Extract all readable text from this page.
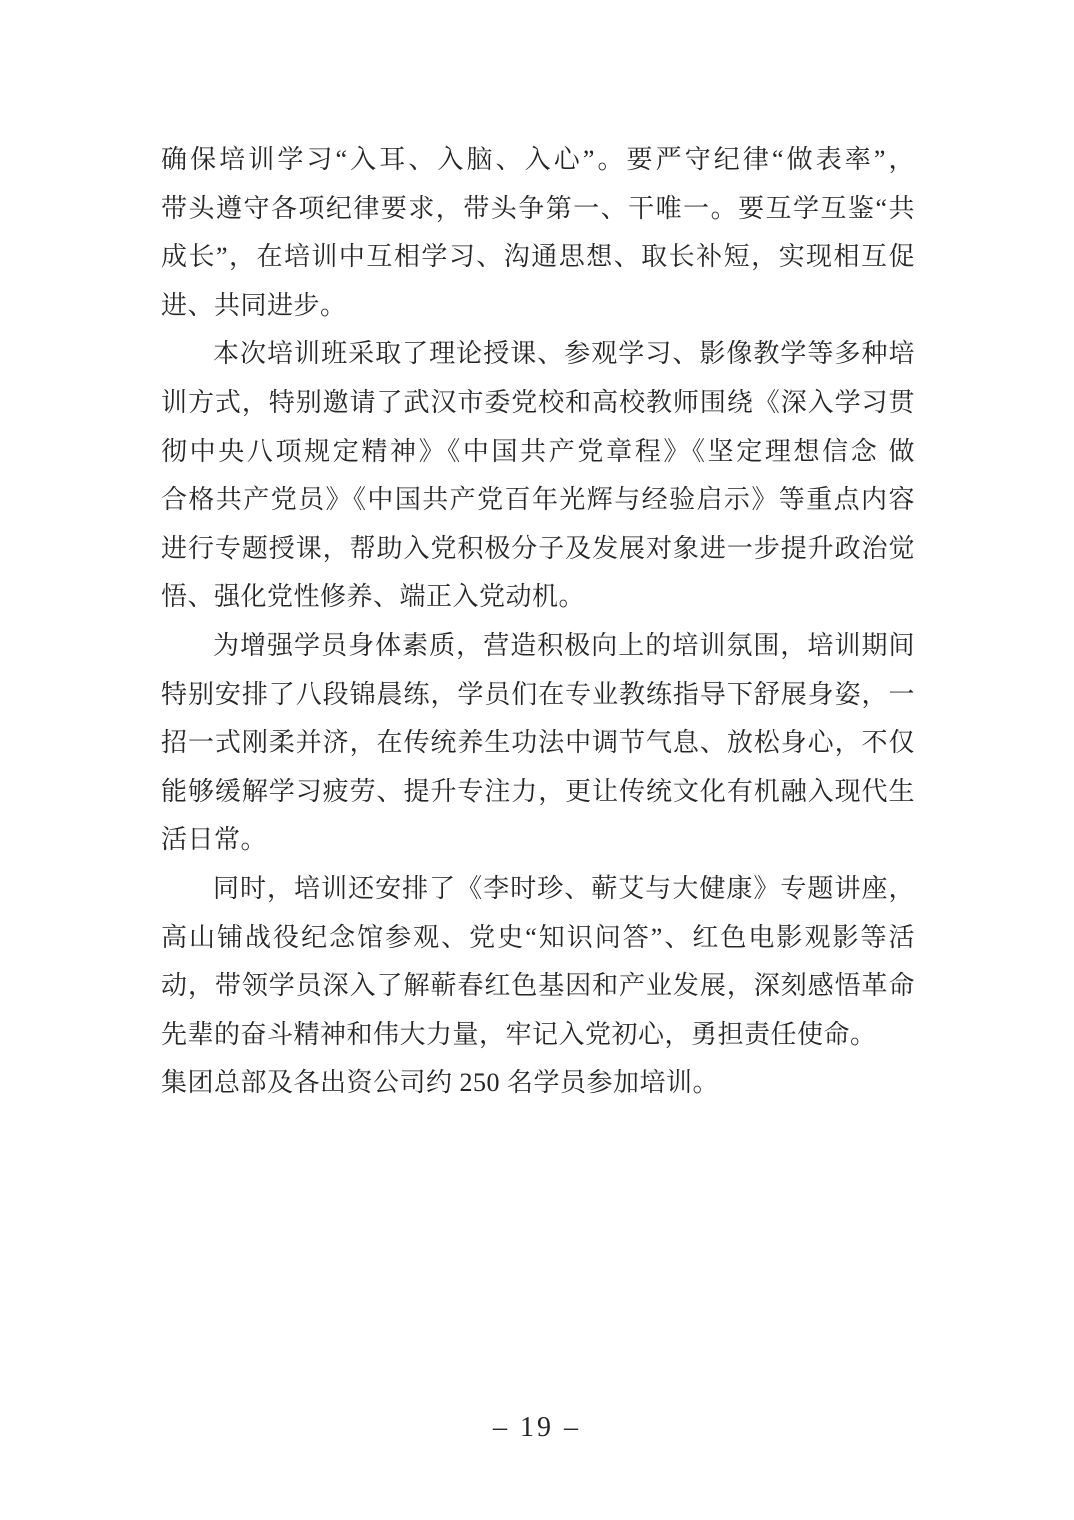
确保培训学习“入耳、入脑、入心”。要严守纪律“做表率”，
带头遵守各项纪律要求，带头争第一、干唯一。要互学互鉴“共
成长”，在培训中互相学习、沟通思想、取长补短，实现相互促
进、共同进步。
本次培训班采取了理论授课、参观学习、影像教学等多种培
训方式，特别邀请了武汉市委党校和高校教师围绕《深入学习贯
彻中央八项规定精神》《中国共产党章程》《坚定理想信念 做
合格共产党员》《中国共产党百年光辉与经验启示》等重点内容
进行专题授课，帮助入党积极分子及发展对象进一步提升政治觉
悟、强化党性修养、端正入党动机。
为增强学员身体素质，营造积极向上的培训氛围，培训期间
特别安排了八段锦晨练，学员们在专业教练指导下舒展身姿，一
招一式刚柔并济，在传统养生功法中调节气息、放松身心，不仅
能够缓解学习疲劳、提升专注力，更让传统文化有机融入现代生
活日常。
同时，培训还安排了《李时珍、蕲艾与大健康》专题讲座，
高山铺战役纪念馆参观、党史“知识问答”、红色电影观影等活
动，带领学员深入了解蕲春红色基因和产业发展，深刻感悟革命
先辈的奋斗精神和伟大力量，牢记入党初心，勇担责任使命。
集团总部及各出资公司约 250 名学员参加培训。
– 19 –
